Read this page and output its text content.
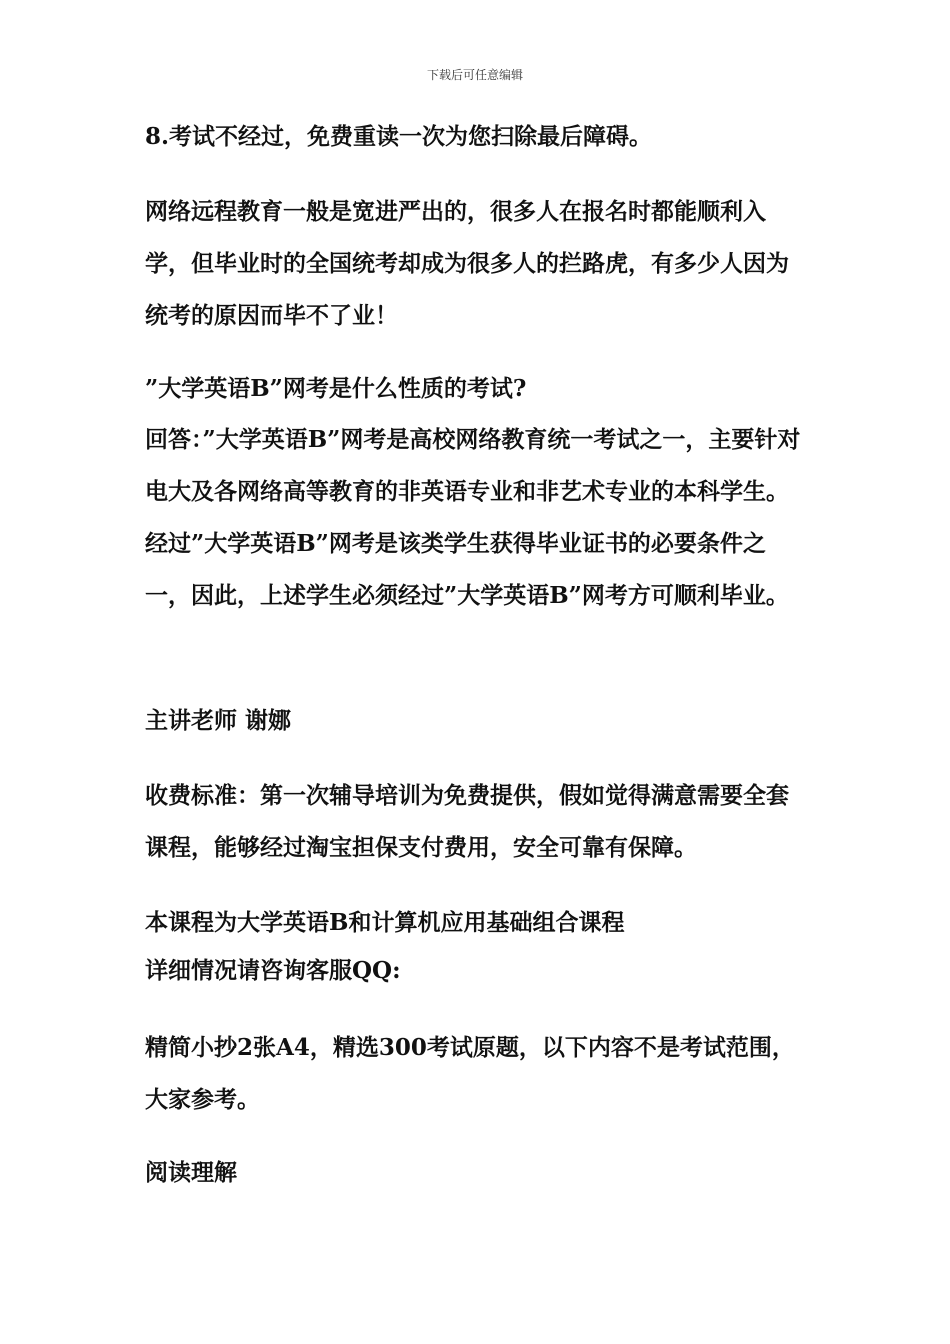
下载后可任意编辑

8.考试不经过，免费重读一次为您扫除最后障碍。

网络远程教育一般是宽进严出的，很多人在报名时都能顺利入学，但毕业时的全国统考却成为很多人的拦路虎，有多少人因为统考的原因而毕不了业！

”大学英语B”网考是什么性质的考试?

回答：”大学英语B”网考是高校网络教育统一考试之一，主要针对电大及各网络高等教育的非英语专业和非艺术专业的本科学生。经过”大学英语B”网考是该类学生获得毕业证书的必要条件之一，因此，上述学生必须经过”大学英语B”网考方可顺利毕业。

主讲老师 谢娜

收费标准：第一次辅导培训为免费提供，假如觉得满意需要全套课程，能够经过淘宝担保支付费用，安全可靠有保障。

本课程为大学英语B和计算机应用基础组合课程

详细情况请咨询客服QQ:

精简小抄2张A4，精选300考试原题，以下内容不是考试范围，大家参考。

阅读理解
